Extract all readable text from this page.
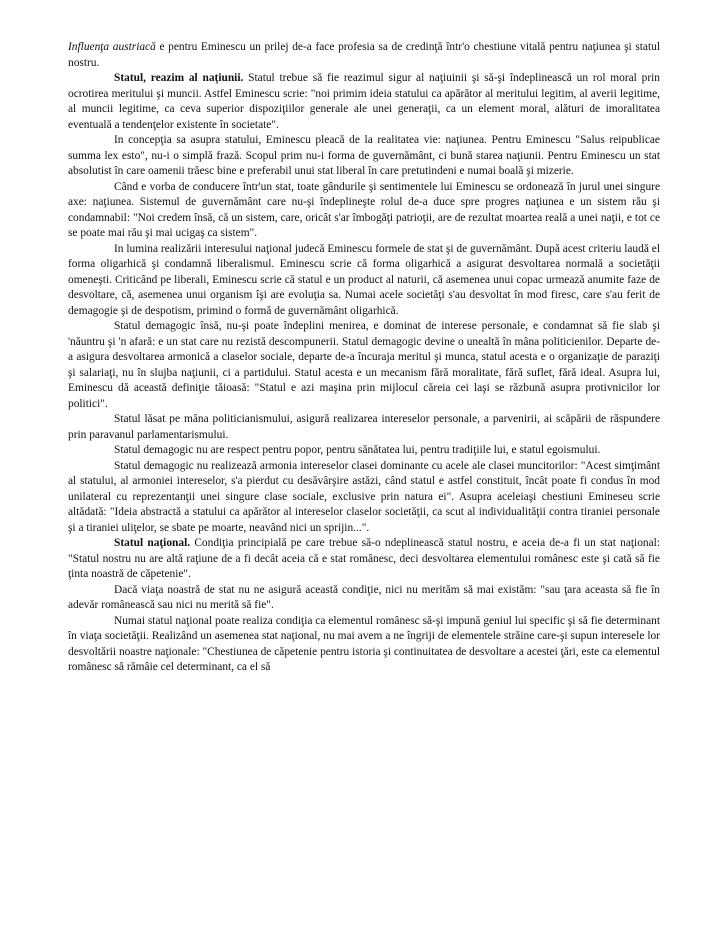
Influenţa austriacă e pentru Eminescu un prilej de-a face profesia sa de credinţă într'o chestiune vitală pentru naţiunea şi statul nostru.

Statul, reazim al naţiunii. Statul trebue să fie reazimul sigur al naţiuinii şi să-şi îndeplinească un rol moral prin ocrotirea meritului şi muncii. Astfel Eminescu scrie: "noi primim ideia statului ca apărător al meritului legitim, al averii legitime, al muncii legitime, ca ceva superior dispoziţiilor generale ale unei generaţii, ca un element moral, alături de imoralitatea eventuală a tendenţelor existente în societate".

In concepţia sa asupra statului, Eminescu pleacă de la realitatea vie: naţiunea. Pentru Eminescu "Salus reipublicae summa lex esto", nu-i o simplă frază. Scopul prim nu-i forma de guvernământ, ci bună starea naţiunii. Pentru Eminescu un stat absolutist în care oamenii trăesc bine e preferabil unui stat liberal în care pretutindeni e numai boală şi mizerie.

Când e vorba de conducere într'un stat, toate gândurile şi sentimentele lui Eminescu se ordonează în jurul unei singure axe: naţiunea. Sistemul de guvernământ care nu-şi îndeplineşte rolul de-a duce spre progres naţiunea e un sistem rău şi condamnabil: "Noi credem însă, că un sistem, care, oricât s'ar îmbogăţi patrioţii, are de rezultat moartea reală a unei naţii, e tot ce se poate mai rău şi mai ucigaş ca sistem".

In lumina realizării interesului naţional judecă Eminescu formele de stat şi de guvernământ. După acest criteriu laudă el forma oligarhică şi condamnă liberalismul. Eminescu scrie că forma oligarhică a asigurat desvoltarea normală a societăţii omeneşti. Criticând pe liberali, Eminescu scrie că statul e un product al naturii, că asemenea unui copac urmează anumite faze de desvoltare, că, asemenea unui organism îşi are evoluţia sa. Numai acele societăţi s'au desvoltat în mod firesc, care s'au ferit de demagogie şi de despotism, primind o formă de guvernământ oligarhică.

Statul demagogic însă, nu-şi poate îndeplini menirea, e dominat de interese personale, e condamnat să fie slab şi 'năuntru şi 'n afară: e un stat care nu rezistă descompunerii. Statul demagogic devine o unealtă în mâna politicienilor. Departe de-a asigura desvoltarea armonică a claselor sociale, departe de-a încuraja meritul şi munca, statul acesta e o organizaţie de paraziţi şi salariaţi, nu în slujba naţiunii, ci a partidului. Statul acesta e un mecanism fără moralitate, fără suflet, fără ideal. Asupra lui, Eminescu dă această definiţie tăioasă: "Statul e azi maşina prin mijlocul căreia cei laşi se răzbună asupra protivnicilor lor politici".

Statul lăsat pe mâna politicianismului, asigură realizarea intereselor personale, a parvenirii, ai scăpării de răspundere prin paravanul parlamentarismului.

Statul demagogic nu are respect pentru popor, pentru sănătatea lui, pentru tradiţiile lui, e statul egoismului.

Statul demagogic nu realizează armonia intereselor clasei dominante cu acele ale clasei muncitorilor: "Acest simţimânt al statului, al armoniei intereselor, s'a pierdut cu desăvârşire astăzi, când statul e astfel constituit, încât poate fi condus în mod unilateral cu reprezentanţii unei singure clase sociale, exclusive prin natura ei". Asupra aceleiaşi chestiuni Emineseu scrie altădată: "Ideia abstractă a statului ca apărător al intereselor claselor societăţii, ca scut al individualităţii contra tiraniei personale şi a tiraniei uliţelor, se sbate pe moarte, neavând nici un sprijin...".

Statul naţional. Condiţia principială pe care trebue să-o ndeplinească statul nostru, e aceia de-a fi un stat naţional: "Statul nostru nu are altă raţiune de a fi decât aceia că e stat românesc, deci desvoltarea elementului românesc este şi cată să fie ţinta noastră de căpetenie".

Dacă viaţa noastră de stat nu ne asigură această condiţie, nici nu merităm să mai existăm: "sau ţara aceasta să fie în adevăr românească sau nici nu merită să fie".

Numai statul naţional poate realiza condiţia ca elementul românesc să-şi impună geniul lui specific şi să fie determinant în viaţa societăţii. Realizând un asemenea stat naţional, nu mai avem a ne îngriji de elementele străine care-şi supun interesele lor desvoltării noastre naţionale: "Chestiunea de căpetenie pentru istoria şi continuitatea de desvoltare a acestei ţări, este ca elementul românesc să rămâie cel determinant, ca el să
